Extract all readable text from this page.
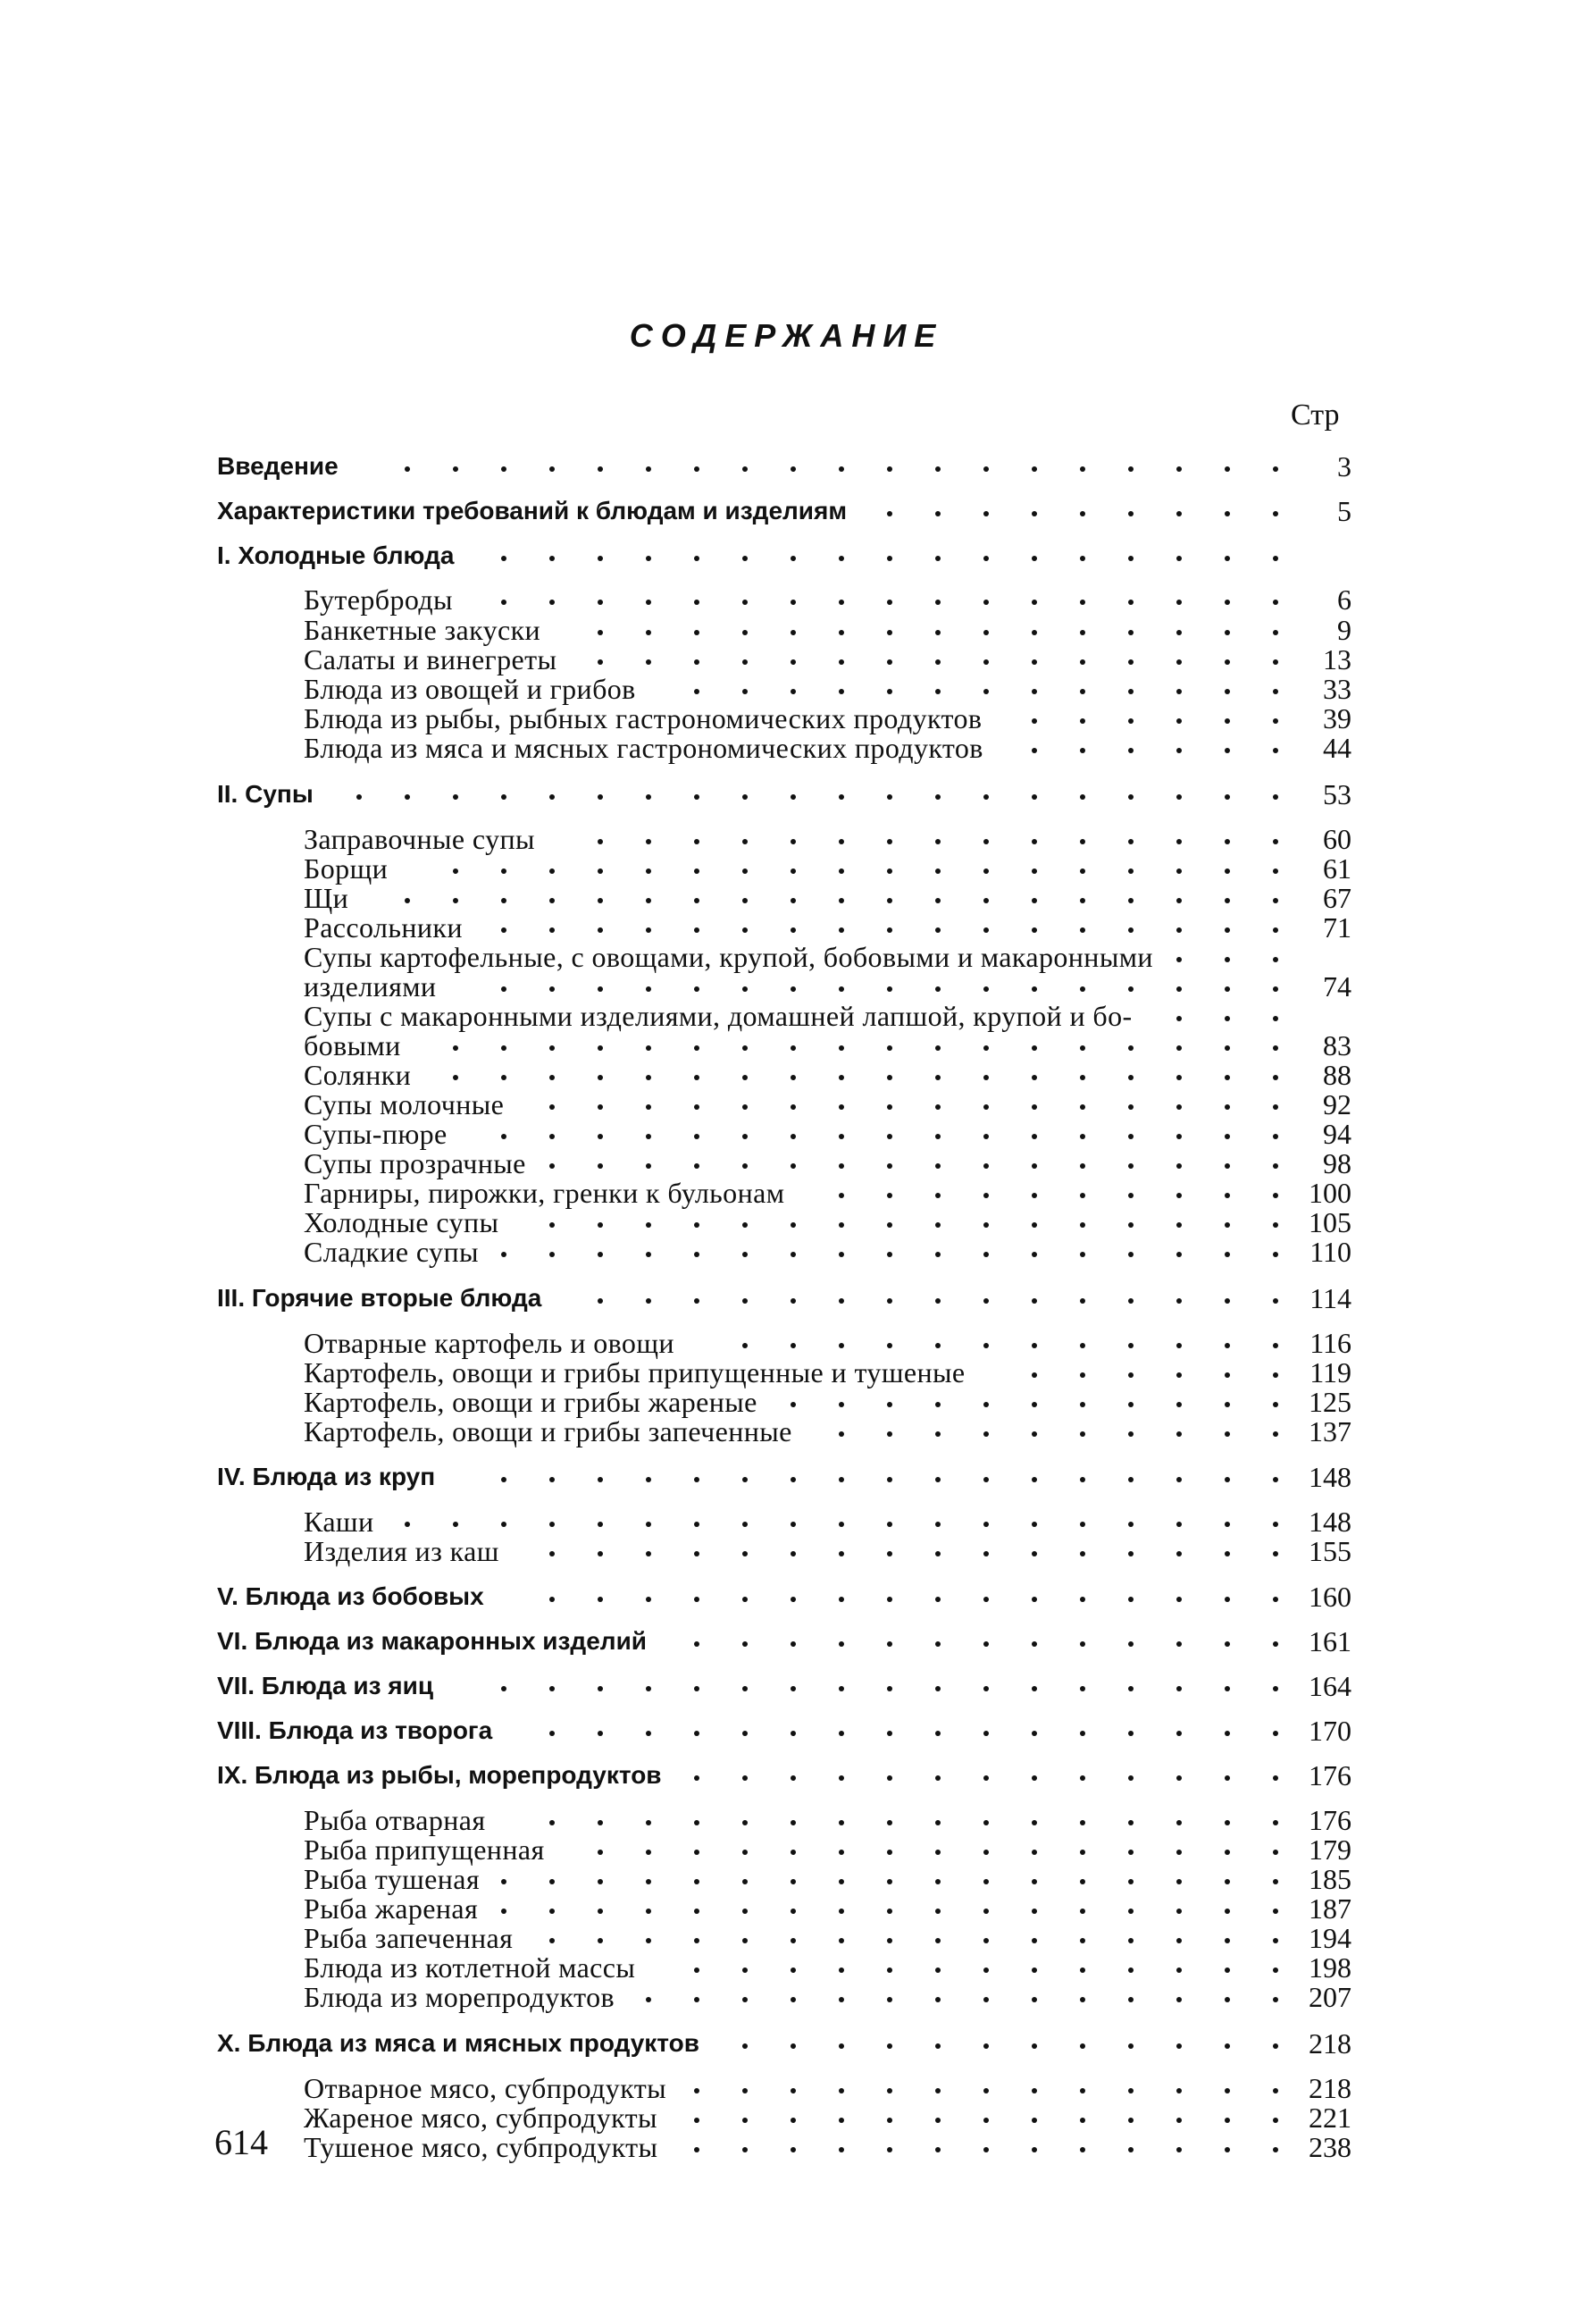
СОДЕРЖАНИЕ
Стр
Введение	3
Характеристики требований к блюдам и изделиям	5
I. Холодные блюда
Бутерброды	6
Банкетные закуски	9
Салаты и винегреты	13
Блюда из овощей и грибов	33
Блюда из рыбы, рыбных гастрономических продуктов	39
Блюда из мяса и мясных гастрономических продуктов	44
II. Супы	53
Заправочные супы	60
Борщи	61
Щи	67
Рассольники	71
Супы картофельные, с овощами, крупой, бобовыми и макаронными
изделиями	74
Супы с макаронными изделиями, домашней лапшой, крупой и бо-
бовыми	83
Солянки	88
Супы молочные	92
Супы-пюре	94
Супы прозрачные	98
Гарниры, пирожки, гренки к бульонам	100
Холодные супы	105
Сладкие супы	110
III. Горячие вторые блюда	114
Отварные картофель и овощи	116
Картофель, овощи и грибы припущенные и тушеные	119
Картофель, овощи и грибы жареные	125
Картофель, овощи и грибы запеченные	137
IV. Блюда из круп	148
Каши	148
Изделия из каш	155
V. Блюда из бобовых	160
VI. Блюда из макаронных изделий	161
VII. Блюда из яиц	164
VIII. Блюда из творога	170
IX. Блюда из рыбы, морепродуктов	176
Рыба отварная	176
Рыба припущенная	179
Рыба тушеная	185
Рыба жареная	187
Рыба запеченная	194
Блюда из котлетной массы	198
Блюда из морепродуктов	207
X. Блюда из мяса и мясных продуктов	218
Отварное мясо, субпродукты	218
Жареное мясо, субпродукты	221
Тушеное мясо, субпродукты	238
614
